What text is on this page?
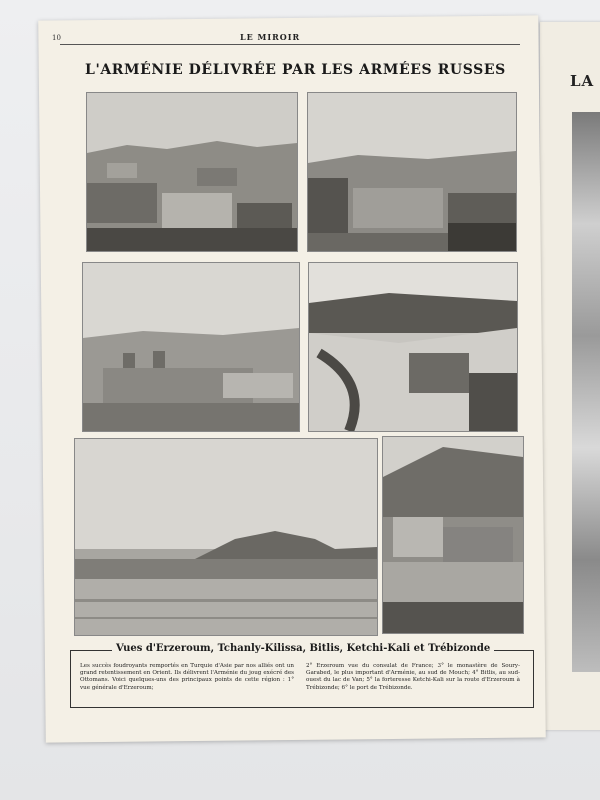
LA
10	LE MIROIR
L'ARMÉNIE DÉLIVRÉE PAR LES ARMÉES RUSSES
Vues d'Erzeroum, Tchanly-Kilissa, Bitlis, Ketchi-Kali et Trébizonde
Les succès foudroyants remportés en Turquie d'Asie par nos alliés ont un grand retentissement en Orient. Ils délivrent l'Arménie du joug exécré des Ottomans. Voici quelques-uns des principaux points de cette région : 1° vue générale d'Erzeroum;
2° Erzeroum vue du consulat de France; 3° le monastère de Soury-Garabed, le plus important d'Arménie, au sud de Mouch; 4° Bitlis, au sud-ouest du lac de Van; 5° la forteresse Ketchi-Kali sur la route d'Erzeroum à Trébizonde; 6° le port de Trébizonde.
